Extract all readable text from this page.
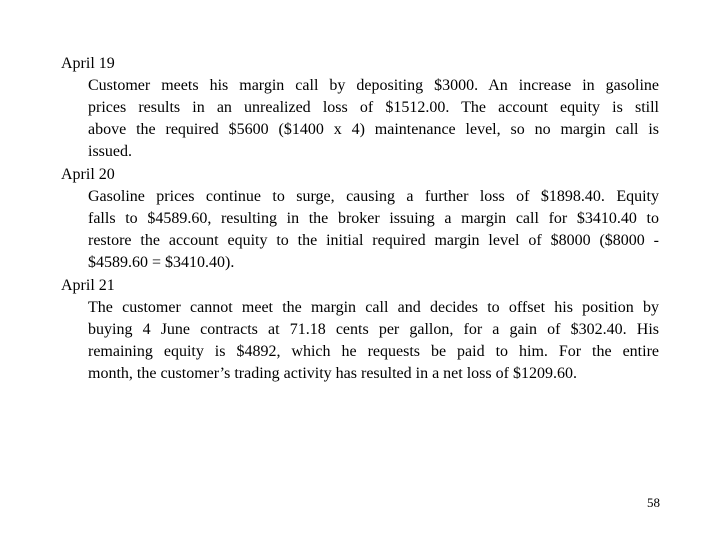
April 19

Customer meets his margin call by depositing $3000. An increase in gasoline
prices results in an unrealized loss of $1512.00. The account equity is still
above the required $5600 ($1400 x 4) maintenance level, so no margin call is
issued.

April 20

Gasoline prices continue to surge, causing a further loss of $1898.40. Equity
falls to $4589.60, resulting in the broker issuing a margin call for $3410.40 to
restore the account equity to the initial required margin level of $8000 ($8000 -
$4589.60 = $3410.40).

April 21

The customer cannot meet the margin call and decides to offset his position by
buying 4 June contracts at 71.18 cents per gallon, for a gain of $302.40. His
remaining equity is $4892, which he requests be paid to him. For the entire
month, the customer’s trading activity has resulted in a net loss of $1209.60.
58
